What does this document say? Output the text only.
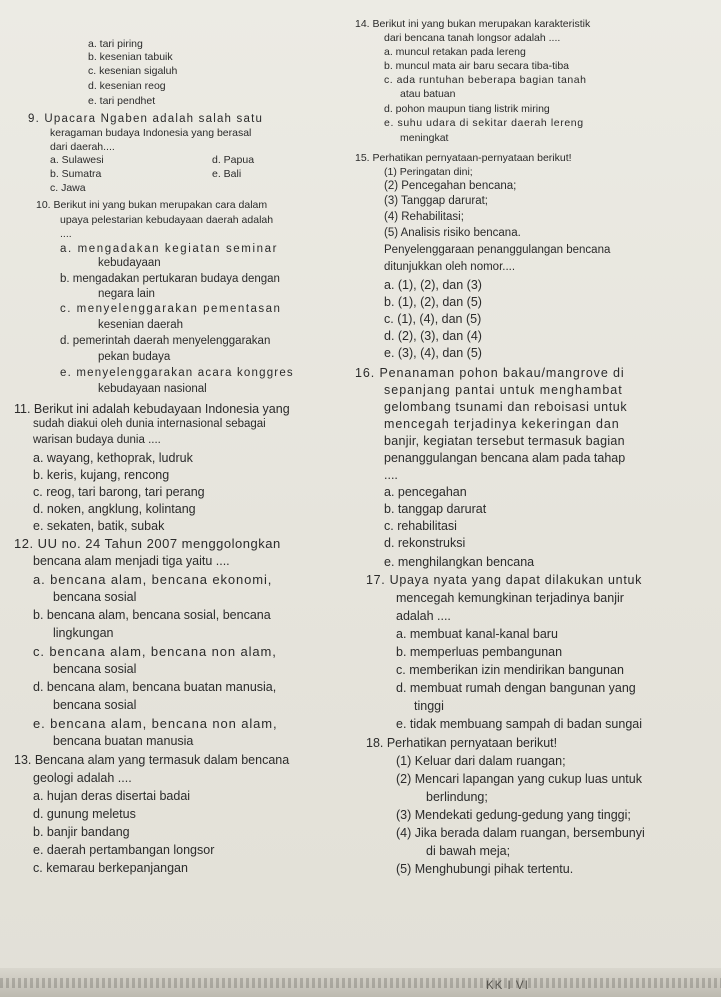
a. tari piring
b. kesenian tabuik
c. kesenian sigaluh
d. kesenian reog
e. tari pendhet
9. Upacara Ngaben adalah salah satu
keragaman budaya Indonesia yang berasal
dari daerah....
a. Sulawesi	d. Papua
b. Sumatra	e. Bali
c. Jawa
10. Berikut ini yang bukan merupakan cara dalam
upaya pelestarian kebudayaan daerah adalah
....
a. mengadakan kegiatan seminar
kebudayaan
b. mengadakan pertukaran budaya dengan
negara lain
c. menyelenggarakan pementasan
kesenian daerah
d. pemerintah daerah menyelenggarakan
pekan budaya
e. menyelenggarakan acara konggres
kebudayaan nasional
11. Berikut ini adalah kebudayaan Indonesia yang
sudah diakui oleh dunia internasional sebagai
warisan budaya dunia ....
a. wayang, kethoprak, ludruk
b. keris, kujang, rencong
c. reog, tari barong, tari perang
d. noken, angklung, kolintang
e. sekaten, batik, subak
12. UU no. 24 Tahun 2007 menggolongkan
bencana alam menjadi tiga yaitu ....
a. bencana alam, bencana ekonomi,
bencana sosial
b. bencana alam, bencana sosial, bencana
lingkungan
c. bencana alam, bencana non alam,
bencana sosial
d. bencana alam, bencana buatan manusia,
bencana sosial
e. bencana alam, bencana non alam,
bencana buatan manusia
13. Bencana alam yang termasuk dalam bencana
geologi adalah ....
a. hujan deras disertai badai
d. gunung meletus
b. banjir bandang
e. daerah pertambangan longsor
c. kemarau berkepanjangan
14. Berikut ini yang bukan merupakan karakteristik
dari bencana tanah longsor adalah ....
a. muncul retakan pada lereng
b. muncul mata air baru secara tiba-tiba
c. ada runtuhan beberapa bagian tanah
atau batuan
d. pohon maupun tiang listrik miring
e. suhu udara di sekitar daerah lereng
meningkat
15. Perhatikan pernyataan-pernyataan berikut!
(1) Peringatan dini;
(2) Pencegahan bencana;
(3) Tanggap darurat;
(4) Rehabilitasi;
(5) Analisis risiko bencana.
Penyelenggaraan penanggulangan bencana
ditunjukkan oleh nomor....
a. (1), (2), dan (3)
b. (1), (2), dan (5)
c. (1), (4), dan (5)
d. (2), (3), dan (4)
e. (3), (4), dan (5)
16. Penanaman pohon bakau/mangrove di
sepanjang pantai untuk menghambat
gelombang tsunami dan reboisasi untuk
mencegah terjadinya kekeringan dan
banjir, kegiatan tersebut termasuk bagian
penanggulangan bencana alam pada tahap
....
a. pencegahan
b. tanggap darurat
c. rehabilitasi
d. rekonstruksi
e. menghilangkan bencana
17. Upaya nyata yang dapat dilakukan untuk
mencegah kemungkinan terjadinya banjir
adalah ....
a. membuat kanal-kanal baru
b. memperluas pembangunan
c. memberikan izin mendirikan bangunan
d. membuat rumah dengan bangunan yang
tinggi
e. tidak membuang sampah di badan sungai
18. Perhatikan pernyataan berikut!
(1) Keluar dari dalam ruangan;
(2) Mencari lapangan yang cukup luas untuk
berlindung;
(3) Mendekati gedung-gedung yang tinggi;
(4) Jika berada dalam ruangan, bersembunyi
di bawah meja;
(5) Menghubungi pihak tertentu.
KK I VI
